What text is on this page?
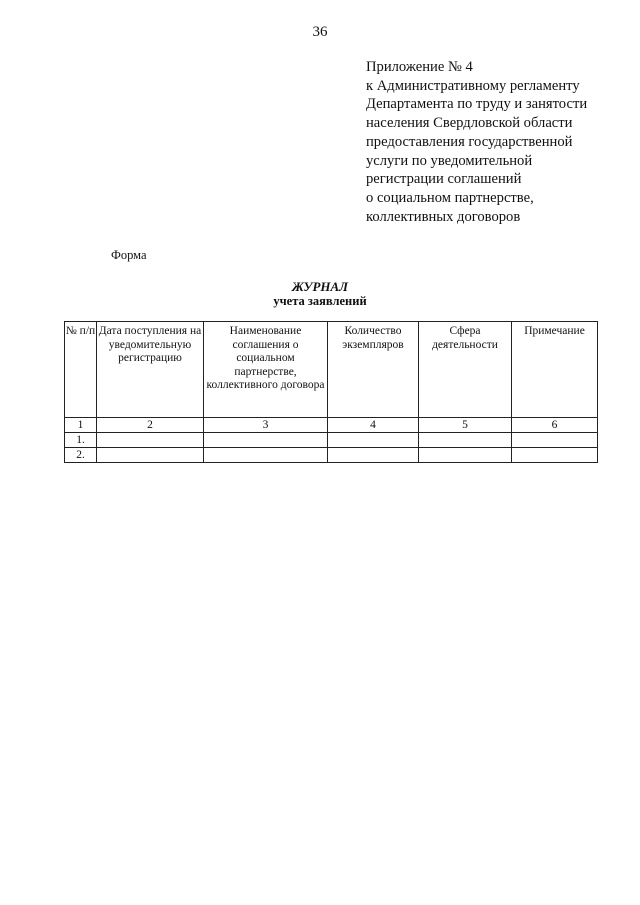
36
Приложение № 4
к Административному регламенту
Департамента по труду и занятости
населения Свердловской области
предоставления государственной
услуги по уведомительной
регистрации соглашений
о социальном партнерстве,
коллективных договоров
Форма
ЖУРНАЛ
учета заявлений
№ п/п	Дата поступления на уведомительную регистрацию	Наименование соглашения о социальном партнерстве, коллективного договора	Количество экземпляров	Сфера деятельности	Примечание
1	2	3	4	5	6
1.					
2.					
